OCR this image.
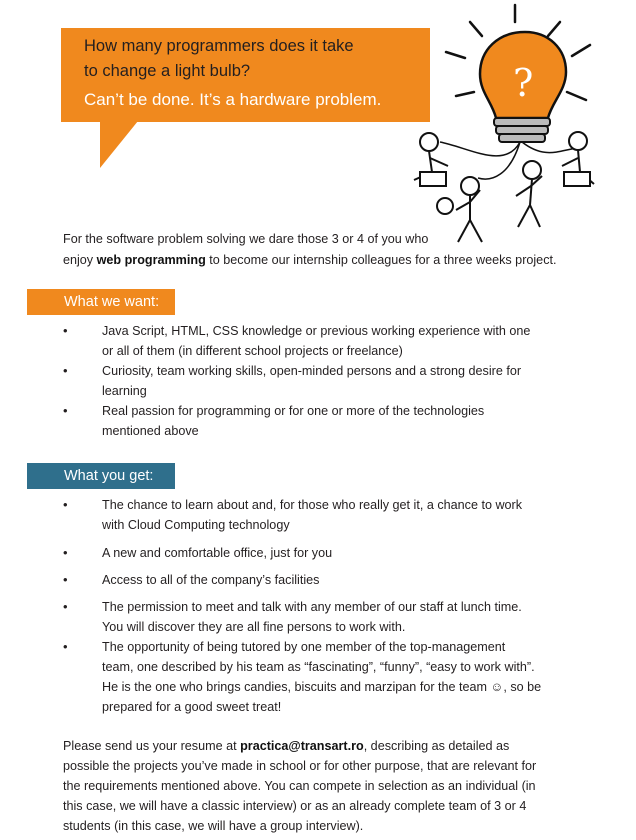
How many programmers does it take
to change a light bulb?
Can’t be done. It’s a hardware problem.	?
For the software problem solving we dare those 3 or 4 of you who
enjoy web programming to become our internship colleagues for a three weeks project.
What we want:
•	Java Script, HTML, CSS knowledge or previous working experience with one
or all of them (in different school projects or freelance)
•	Curiosity, team working skills, open-minded persons and a strong desire for
learning
•	Real passion for programming or for one or more of the technologies
mentioned above
What you get:
•	The chance to learn about and, for those who really get it, a chance to work
with Cloud Computing technology
•	A new and comfortable office, just for you
•	Access to all of the company’s facilities
•	The permission to meet and talk with any member of our staff at lunch time.
You will discover they are all fine persons to work with.
•	The opportunity of being tutored by one member of the top-management
team, one described by his team as “fascinating”, “funny”, “easy to work with”.
He is the one who brings candies, biscuits and marzipan for the team ☺, so be
prepared for a good sweet treat!
Please send us your resume at practica@transart.ro, describing as detailed as
possible the projects you’ve made in school or for other purpose, that are relevant for
the requirements mentioned above. You can compete in selection as an individual (in
this case, we will have a classic interview) or as an already complete team of 3 or 4
students (in this case, we will have a group interview).
